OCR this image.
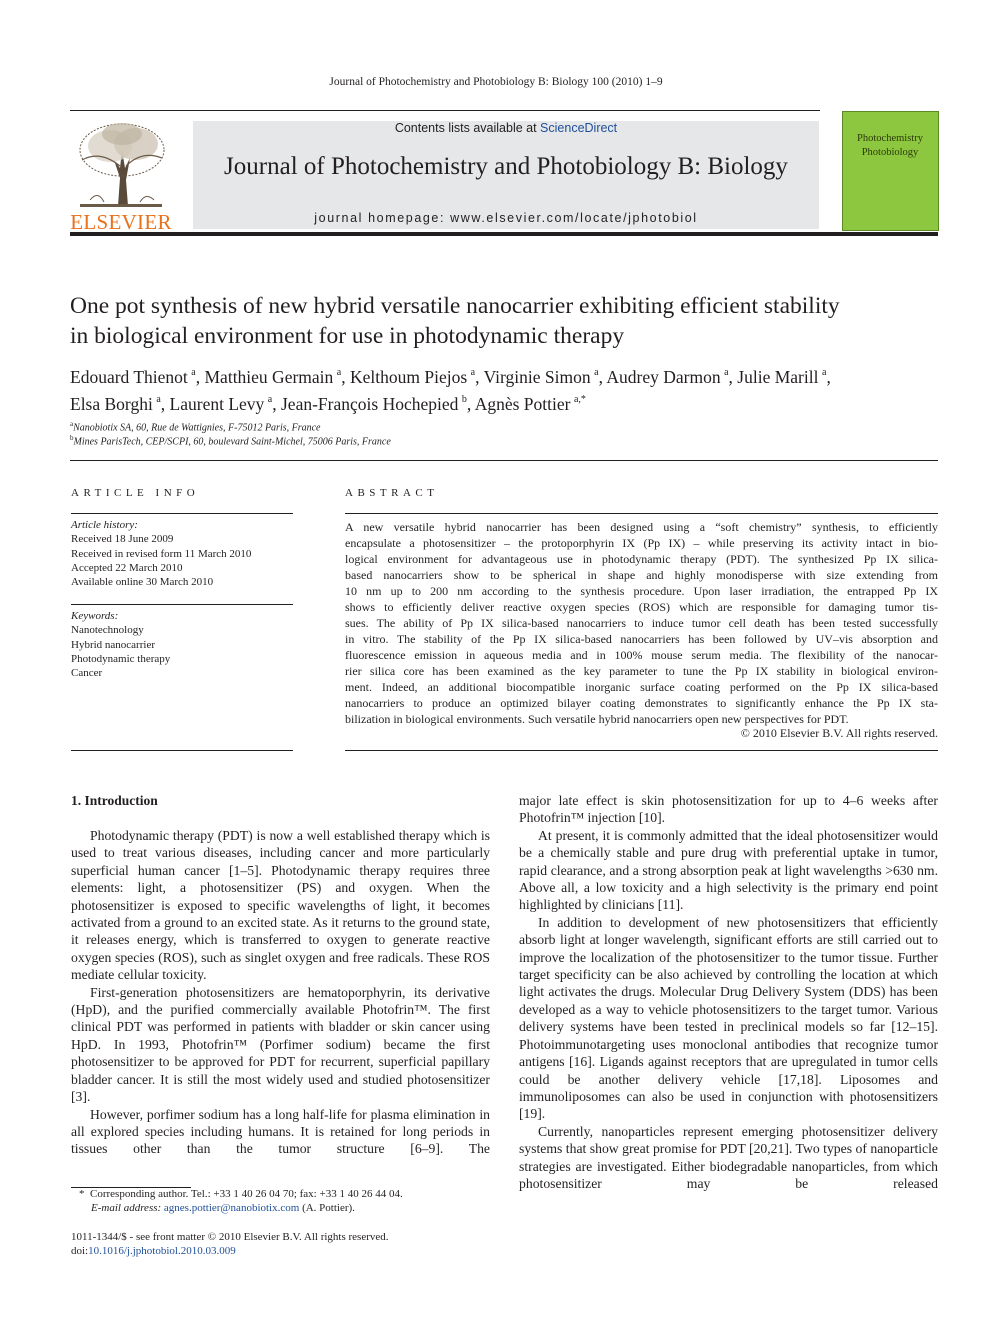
Journal of Photochemistry and Photobiology B: Biology 100 (2010) 1–9
ELSEVIER
Contents lists available at ScienceDirect
Journal of Photochemistry and Photobiology B: Biology
journal homepage: www.elsevier.com/locate/jphotobiol
Photochemistry
Photobiology
One pot synthesis of new hybrid versatile nanocarrier exhibiting efficient stability
in biological environment for use in photodynamic therapy
Edouard Thienot  $^a$, Matthieu Germain  $^a$, Kelthoum Piejos  $^a$, Virginie Simon  $^a$, Audrey Darmon  $^a$, Julie Marill  $^a$,
Elsa Borghi  $^a$, Laurent Levy  $^a$, Jean-François Hochepied  $^b$, Agnès Pottier  $^{a,*}$
$^a$Nanobiotix SA, 60, Rue de Wattignies, F-75012 Paris, France
$^b$Mines ParisTech, CEP/SCPI, 60, boulevard Saint-Michel, 75006 Paris, France
ARTICLE INFO
Article history:
Received 18 June 2009
Received in revised form 11 March 2010
Accepted 22 March 2010
Available online 30 March 2010
Keywords:
Nanotechnology
Hybrid nanocarrier
Photodynamic therapy
Cancer
ABSTRACT
A new versatile hybrid nanocarrier has been designed using a “soft chemistry” synthesis, to efficiently
encapsulate a photosensitizer – the protoporphyrin IX (Pp IX) – while preserving its activity intact in bio-
logical environment for advantageous use in photodynamic therapy (PDT). The synthesized Pp IX silica-
based nanocarriers show to be spherical in shape and highly monodisperse with size extending from
10 nm up to 200 nm according to the synthesis procedure. Upon laser irradiation, the entrapped Pp IX
shows to efficiently deliver reactive oxygen species (ROS) which are responsible for damaging tumor tis-
sues. The ability of Pp IX silica-based nanocarriers to induce tumor cell death has been tested successfully
in vitro. The stability of the Pp IX silica-based nanocarriers has been followed by UV–vis absorption and
fluorescence emission in aqueous media and in 100% mouse serum media. The flexibility of the nanocar-
rier silica core has been examined as the key parameter to tune the Pp IX stability in biological environ-
ment. Indeed, an additional biocompatible inorganic surface coating performed on the Pp IX silica-based
nanocarriers to produce an optimized bilayer coating demonstrates to significantly enhance the Pp IX sta-
bilization in biological environments. Such versatile hybrid nanocarriers open new perspectives for PDT.
© 2010 Elsevier B.V. All rights reserved.
1. Introduction

Photodynamic therapy (PDT) is now a well established therapy which is used to treat various diseases, including cancer and more particularly superficial human cancer [1–5]. Photodynamic therapy requires three elements: light, a photosensitizer (PS) and oxygen. When the photosensitizer is exposed to specific wavelengths of light, it becomes activated from a ground to an excited state. As it returns to the ground state, it releases energy, which is transferred to oxygen to generate reactive oxygen species (ROS), such as singlet oxygen and free radicals. These ROS mediate cellular toxicity.

First-generation photosensitizers are hematoporphyrin, its derivative (HpD), and the purified commercially available Photofrin™. The first clinical PDT was performed in patients with bladder or skin cancer using HpD. In 1993, Photofrin™ (Porfimer sodium) became the first photosensitizer to be approved for PDT for recurrent, superficial papillary bladder cancer. It is still the most widely used and studied photosensitizer [3].

However, porfimer sodium has a long half-life for plasma elimination in all explored species including humans. It is retained for long periods in tissues other than the tumor structure [6–9]. The

major late effect is skin photosensitization for up to 4–6 weeks after Photofrin™ injection [10].

At present, it is commonly admitted that the ideal photosensitizer would be a chemically stable and pure drug with preferential uptake in tumor, rapid clearance, and a strong absorption peak at light wavelengths >630 nm. Above all, a low toxicity and a high selectivity is the primary end point highlighted by clinicians [11].

In addition to development of new photosensitizers that efficiently absorb light at longer wavelength, significant efforts are still carried out to improve the localization of the photosensitizer to the tumor tissue. Further target specificity can be also achieved by controlling the location at which light activates the drugs. Molecular Drug Delivery System (DDS) has been developed as a way to vehicle photosensitizers to the target tumor. Various delivery systems have been tested in preclinical models so far [12–15]. Photoimmunotargeting uses monoclonal antibodies that recognize tumor antigens [16]. Ligands against receptors that are upregulated in tumor cells could be another delivery vehicle [17,18]. Liposomes and immunoliposomes can also be used in conjunction with photosensitizers [19].

Currently, nanoparticles represent emerging photosensitizer delivery systems that show great promise for PDT [20,21]. Two types of nanoparticle strategies are investigated. Either biodegradable nanoparticles, from which photosensitizer may be released

* Corresponding author. Tel.: +33 1 40 26 04 70; fax: +33 1 40 26 44 04.
E-mail address: agnes.pottier@nanobiotix.com (A. Pottier).
1011-1344/$ - see front matter © 2010 Elsevier B.V. All rights reserved.
doi:10.1016/j.jphotobiol.2010.03.009
